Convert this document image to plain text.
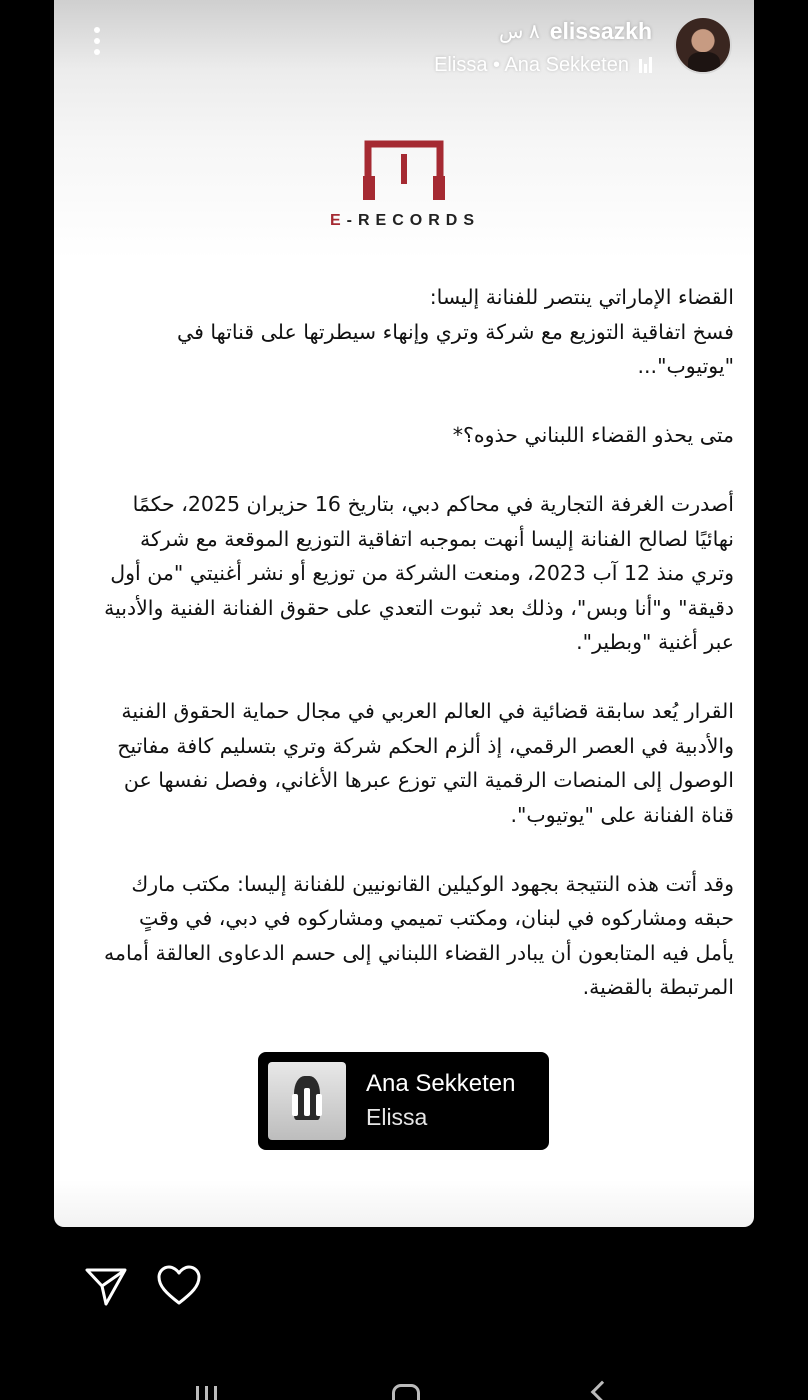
elissazkh
٨ س
Elissa • Ana Sekketen
E-RECORDS

القضاء الإماراتي ينتصر للفنانة إليسا:

فسخ اتفاقية التوزيع مع شركة وتري وإنهاء سيطرتها على قناتها في "يوتيوب"...

متى يحذو القضاء اللبناني حذوه؟*

أصدرت الغرفة التجارية في محاكم دبي، بتاريخ 16 حزيران 2025، حكمًا نهائيًا لصالح الفنانة إليسا أنهت بموجبه اتفاقية التوزيع الموقعة مع شركة وتري منذ 12 آب 2023، ومنعت الشركة من توزيع أو نشر أغنيتي "من أول دقيقة" و"أنا وبس"، وذلك بعد ثبوت التعدي على حقوق الفنانة الفنية والأدبية عبر أغنية "وبطير".

القرار يُعد سابقة قضائية في العالم العربي في مجال حماية الحقوق الفنية والأدبية في العصر الرقمي، إذ ألزم الحكم شركة وتري بتسليم كافة مفاتيح الوصول إلى المنصات الرقمية التي توزع عبرها الأغاني، وفصل نفسها عن قناة الفنانة على "يوتيوب".

وقد أتت هذه النتيجة بجهود الوكيلين القانونيين للفنانة إليسا: مكتب مارك حبقه ومشاركوه في لبنان، ومكتب تميمي ومشاركوه في دبي، في وقتٍ يأمل فيه المتابعون أن يبادر القضاء اللبناني إلى حسم الدعاوى العالقة أمامه المرتبطة بالقضية.

Ana Sekketen
Elissa
